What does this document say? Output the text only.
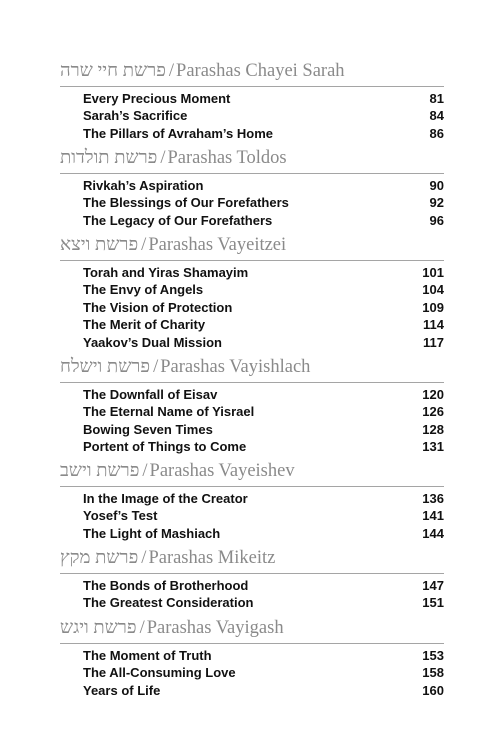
פרשת חיי שרה / Parashas Chayei Sarah
Every Precious Moment	81
Sarah’s Sacrifice	84
The Pillars of Avraham’s Home	86
פרשת תולדות / Parashas Toldos
Rivkah’s Aspiration	90
The Blessings of Our Forefathers	92
The Legacy of Our Forefathers	96
פרשת ויצא / Parashas Vayeitzei
Torah and Yiras Shamayim	101
The Envy of Angels	104
The Vision of Protection	109
The Merit of Charity	114
Yaakov’s Dual Mission	117
פרשת וישלח / Parashas Vayishlach
The Downfall of Eisav	120
The Eternal Name of Yisrael	126
Bowing Seven Times	128
Portent of Things to Come	131
פרשת וישב / Parashas Vayeishev
In the Image of the Creator	136
Yosef’s Test	141
The Light of Mashiach	144
פרשת מקץ / Parashas Mikeitz
The Bonds of Brotherhood	147
The Greatest Consideration	151
פרשת ויגש / Parashas Vayigash
The Moment of Truth	153
The All-Consuming Love	158
Years of Life	160
